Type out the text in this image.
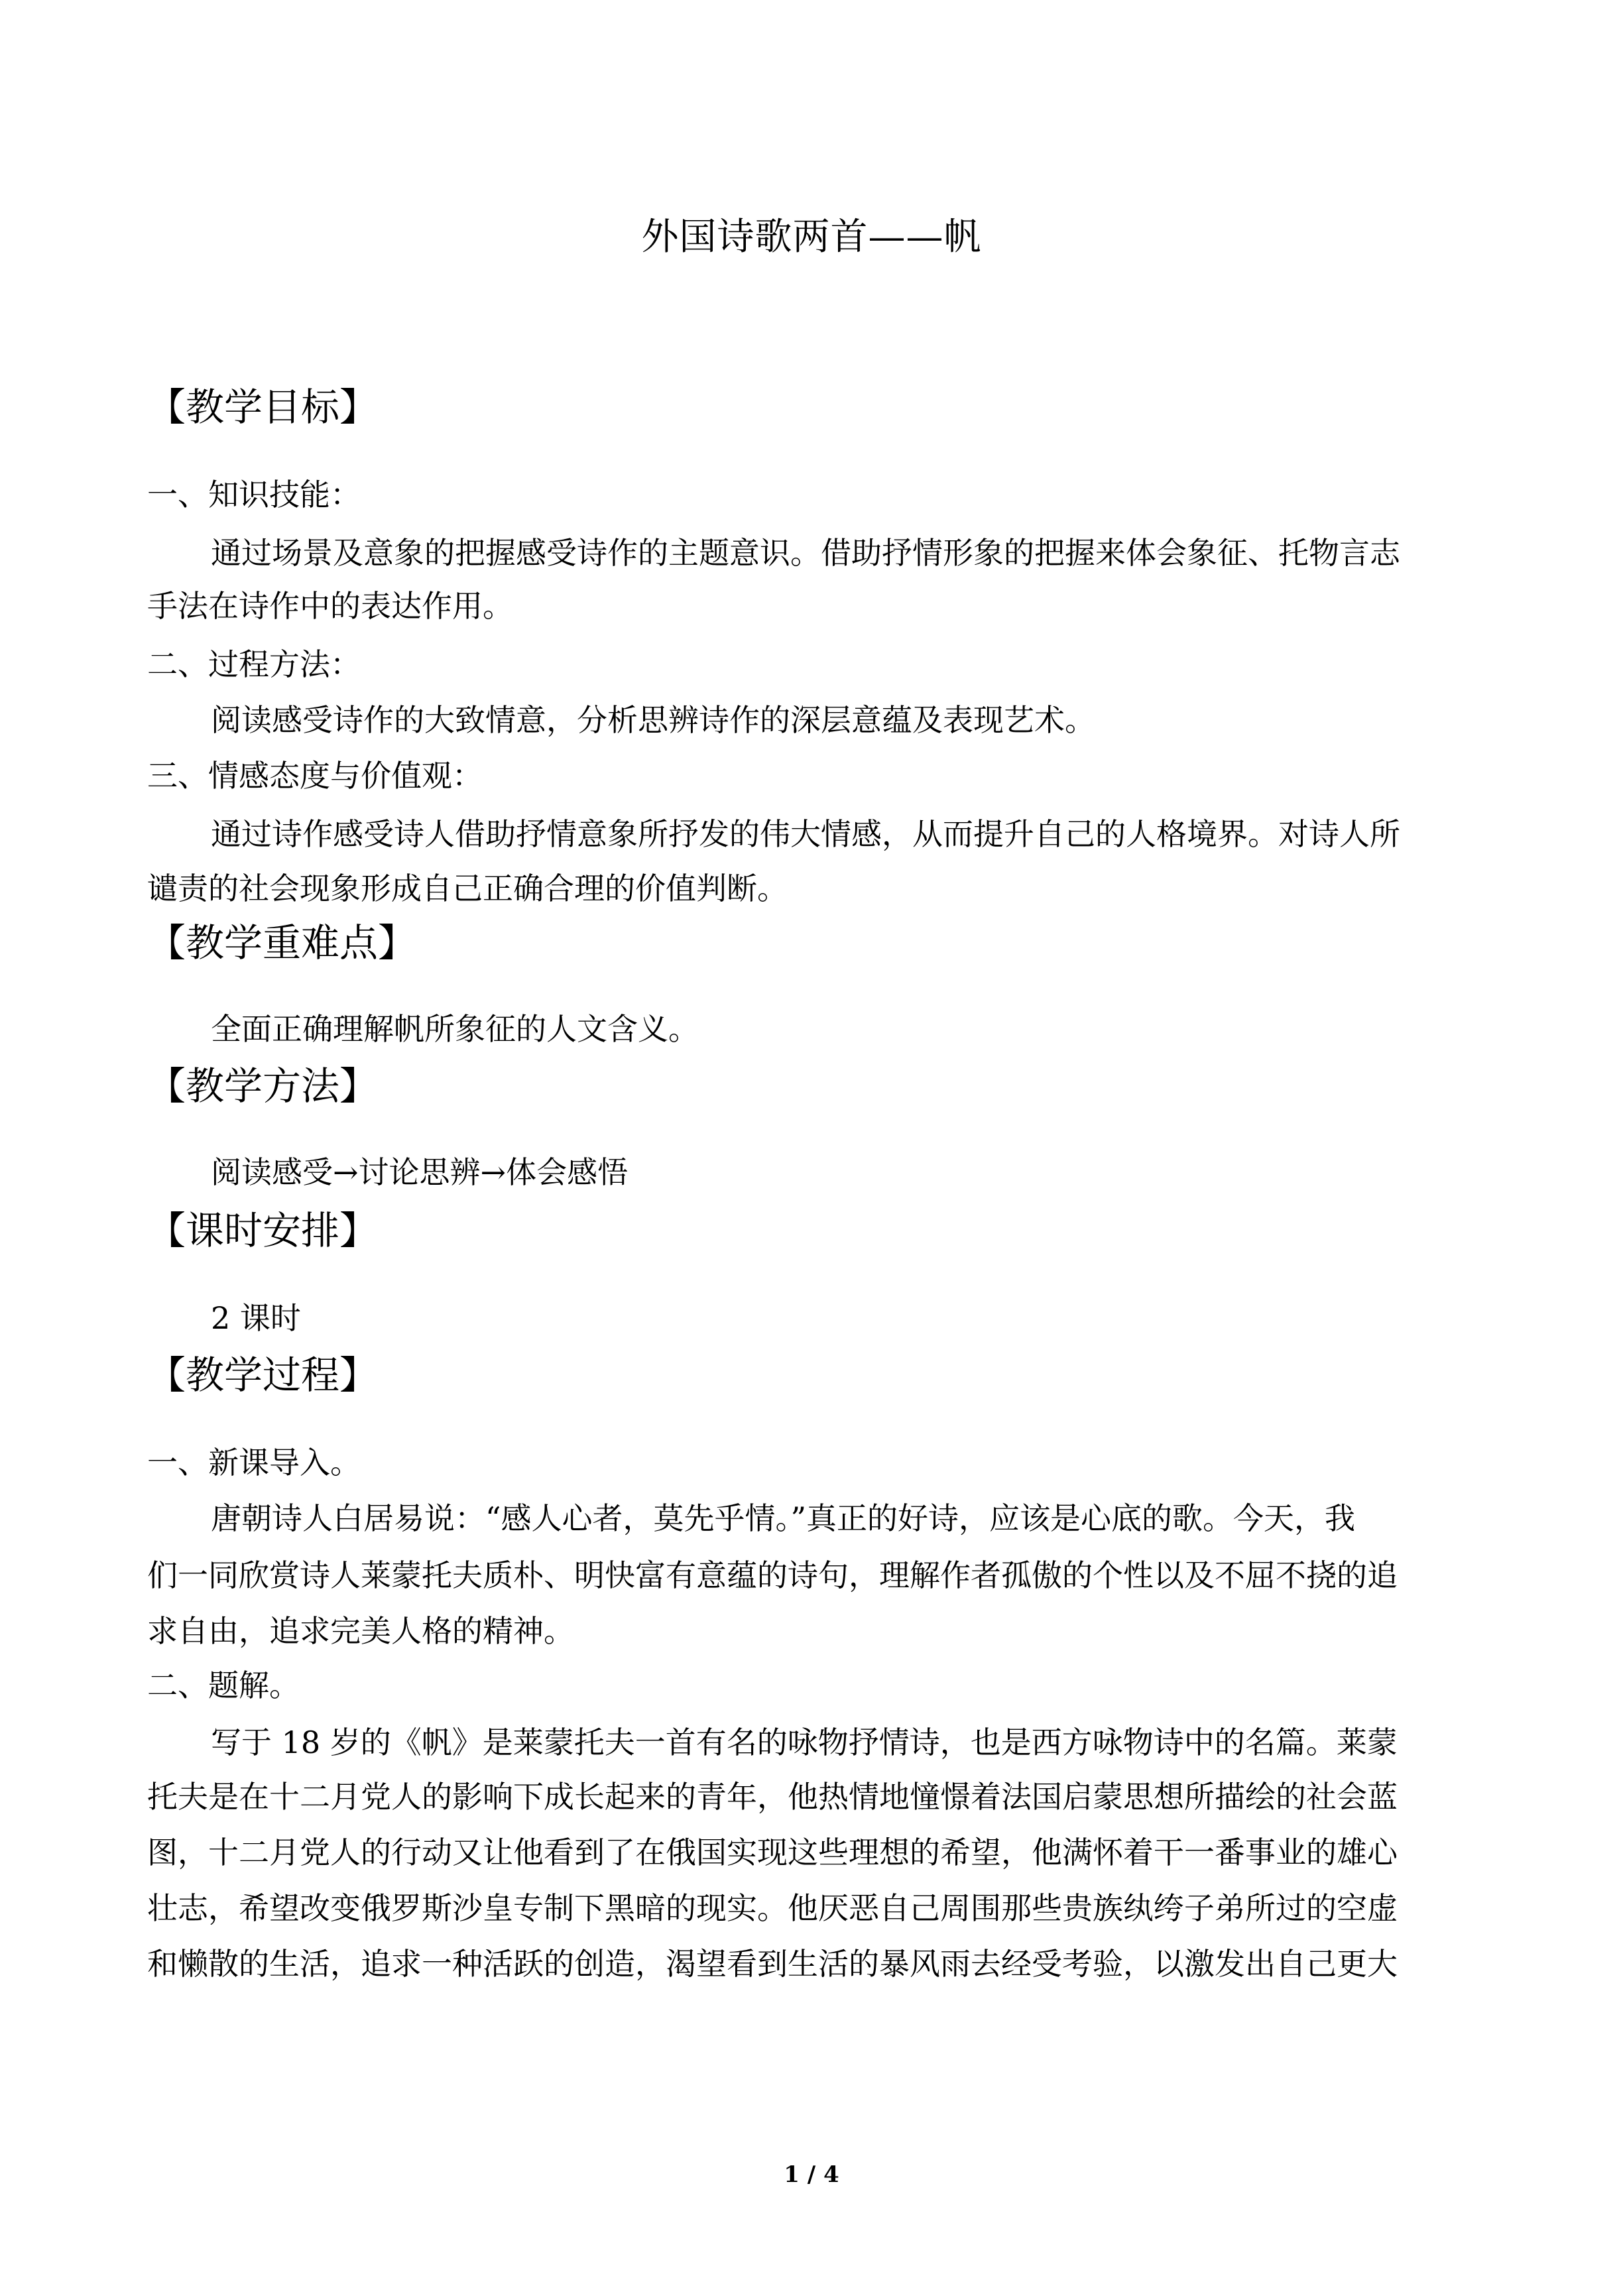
外国诗歌两首——帆
【教学目标】
一、知识技能：
通过场景及意象的把握感受诗作的主题意识。借助抒情形象的把握来体会象征、托物言志
手法在诗作中的表达作用。
二、过程方法：
阅读感受诗作的大致情意，分析思辨诗作的深层意蕴及表现艺术。
三、情感态度与价值观：
通过诗作感受诗人借助抒情意象所抒发的伟大情感，从而提升自己的人格境界。对诗人所
谴责的社会现象形成自己正确合理的价值判断。
【教学重难点】
全面正确理解帆所象征的人文含义。
【教学方法】
阅读感受→讨论思辨→体会感悟
【课时安排】
2 课时
【教学过程】
一、新课导入。
唐朝诗人白居易说：“感人心者，莫先乎情。”真正的好诗，应该是心底的歌。今天，我
们一同欣赏诗人莱蒙托夫质朴、明快富有意蕴的诗句，理解作者孤傲的个性以及不屈不挠的追
求自由，追求完美人格的精神。
二、题解。
写于 18 岁的《帆》是莱蒙托夫一首有名的咏物抒情诗，也是西方咏物诗中的名篇。莱蒙
托夫是在十二月党人的影响下成长起来的青年，他热情地憧憬着法国启蒙思想所描绘的社会蓝
图，十二月党人的行动又让他看到了在俄国实现这些理想的希望，他满怀着干一番事业的雄心
壮志，希望改变俄罗斯沙皇专制下黑暗的现实。他厌恶自己周围那些贵族纨绔子弟所过的空虚
和懒散的生活，追求一种活跃的创造，渴望看到生活的暴风雨去经受考验，以激发出自己更大
1 / 4
